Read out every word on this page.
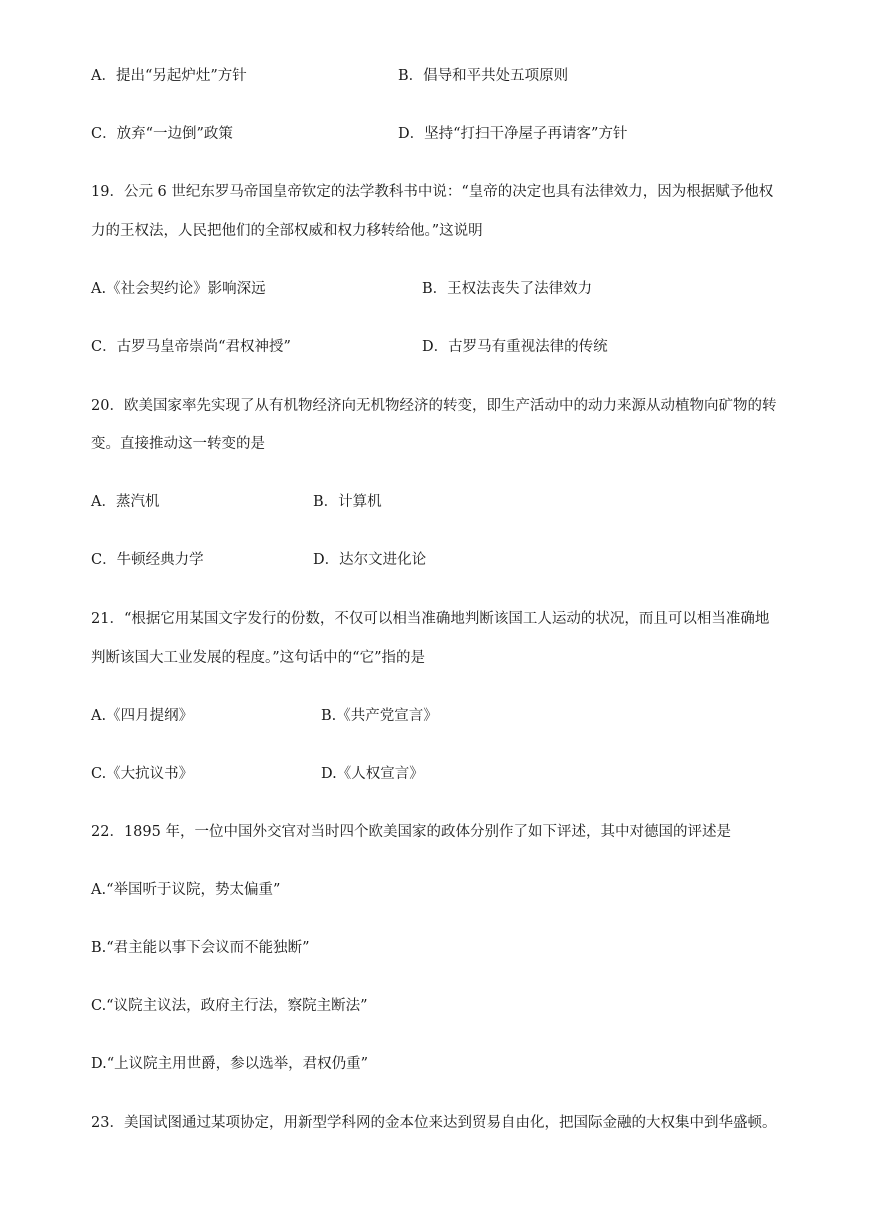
A．提出“另起炉灶”方针	B．倡导和平共处五项原则
C．放弃“一边倒”政策	D．坚持“打扫干净屋子再请客”方针
19．公元 6 世纪东罗马帝国皇帝钦定的法学教科书中说：“皇帝的决定也具有法律效力，因为根据赋予他权
力的王权法，人民把他们的全部权威和权力移转给他。”这说明
A.《社会契约论》影响深远	B．王权法丧失了法律效力
C．古罗马皇帝崇尚“君权神授”	D．古罗马有重视法律的传统
20．欧美国家率先实现了从有机物经济向无机物经济的转变，即生产活动中的动力来源从动植物向矿物的转
变。直接推动这一转变的是
A．蒸汽机	B．计算机
C．牛顿经典力学	D．达尔文进化论
21．“根据它用某国文字发行的份数，不仅可以相当准确地判断该国工人运动的状况，而且可以相当准确地
判断该国大工业发展的程度。”这句话中的“它”指的是
A.《四月提纲》	B.《共产党宣言》
C.《大抗议书》	D.《人权宣言》
22．1895 年，一位中国外交官对当时四个欧美国家的政体分别作了如下评述，其中对德国的评述是
A.“举国听于议院，势太偏重”
B.“君主能以事下会议而不能独断”
C.“议院主议法，政府主行法，察院主断法”
D.“上议院主用世爵，参以选举，君权仍重”
23．美国试图通过某项协定，用新型学科网的金本位来达到贸易自由化，把国际金融的大权集中到华盛顿。
